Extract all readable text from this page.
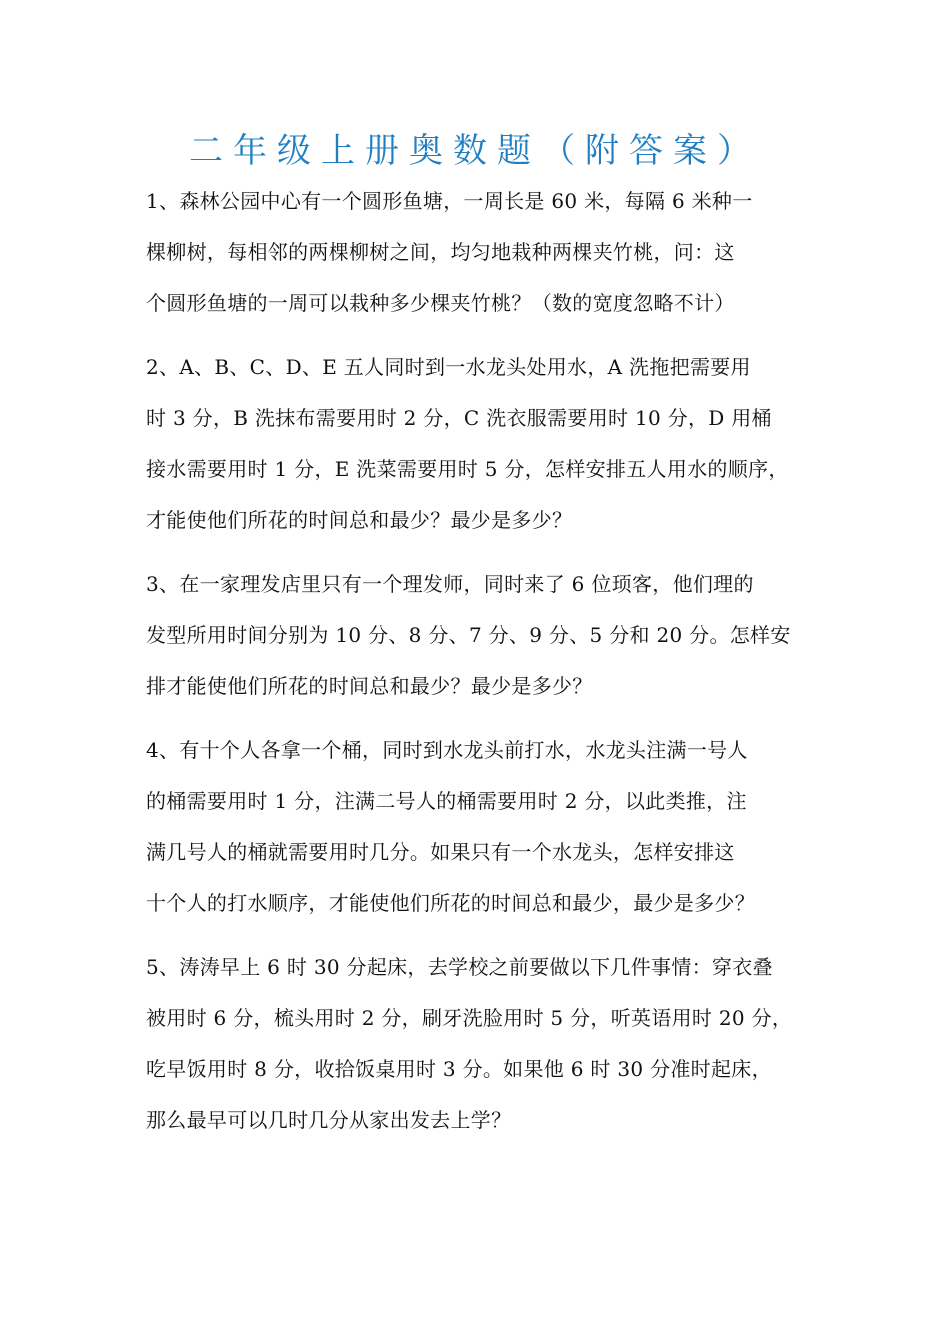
二年级上册奥数题（附答案）
1、森林公园中心有一个圆形鱼塘，一周长是 60 米，每隔 6 米种一
棵柳树，每相邻的两棵柳树之间，均匀地栽种两棵夹竹桃，问：这
个圆形鱼塘的一周可以栽种多少棵夹竹桃？（数的宽度忽略不计）
2、A、B、C、D、E 五人同时到一水龙头处用水，A 洗拖把需要用
时 3 分，B 洗抹布需要用时 2 分，C 洗衣服需要用时 10 分，D 用桶
接水需要用时 1 分，E 洗菜需要用时 5 分，怎样安排五人用水的顺序，
才能使他们所花的时间总和最少？最少是多少？
3、在一家理发店里只有一个理发师，同时来了 6 位顼客，他们理的
发型所用时间分别为 10 分、8 分、7 分、9 分、5 分和 20 分。怎样安
排才能使他们所花的时间总和最少？最少是多少？
4、有十个人各拿一个桶，同时到水龙头前打水，水龙头注满一号人
的桶需要用时 1 分，注满二号人的桶需要用时 2 分，以此类推，注
满几号人的桶就需要用时几分。如果只有一个水龙头，怎样安排这
十个人的打水顺序，才能使他们所花的时间总和最少，最少是多少？
5、涛涛早上 6 时 30 分起床，去学校之前要做以下几件事情：穿衣叠
被用时 6 分，梳头用时 2 分，刷牙洗脸用时 5 分，听英语用时 20 分，
吃早饭用时 8 分，收拾饭桌用时 3 分。如果他 6 时 30 分准时起床，
那么最早可以几时几分从家出发去上学？
